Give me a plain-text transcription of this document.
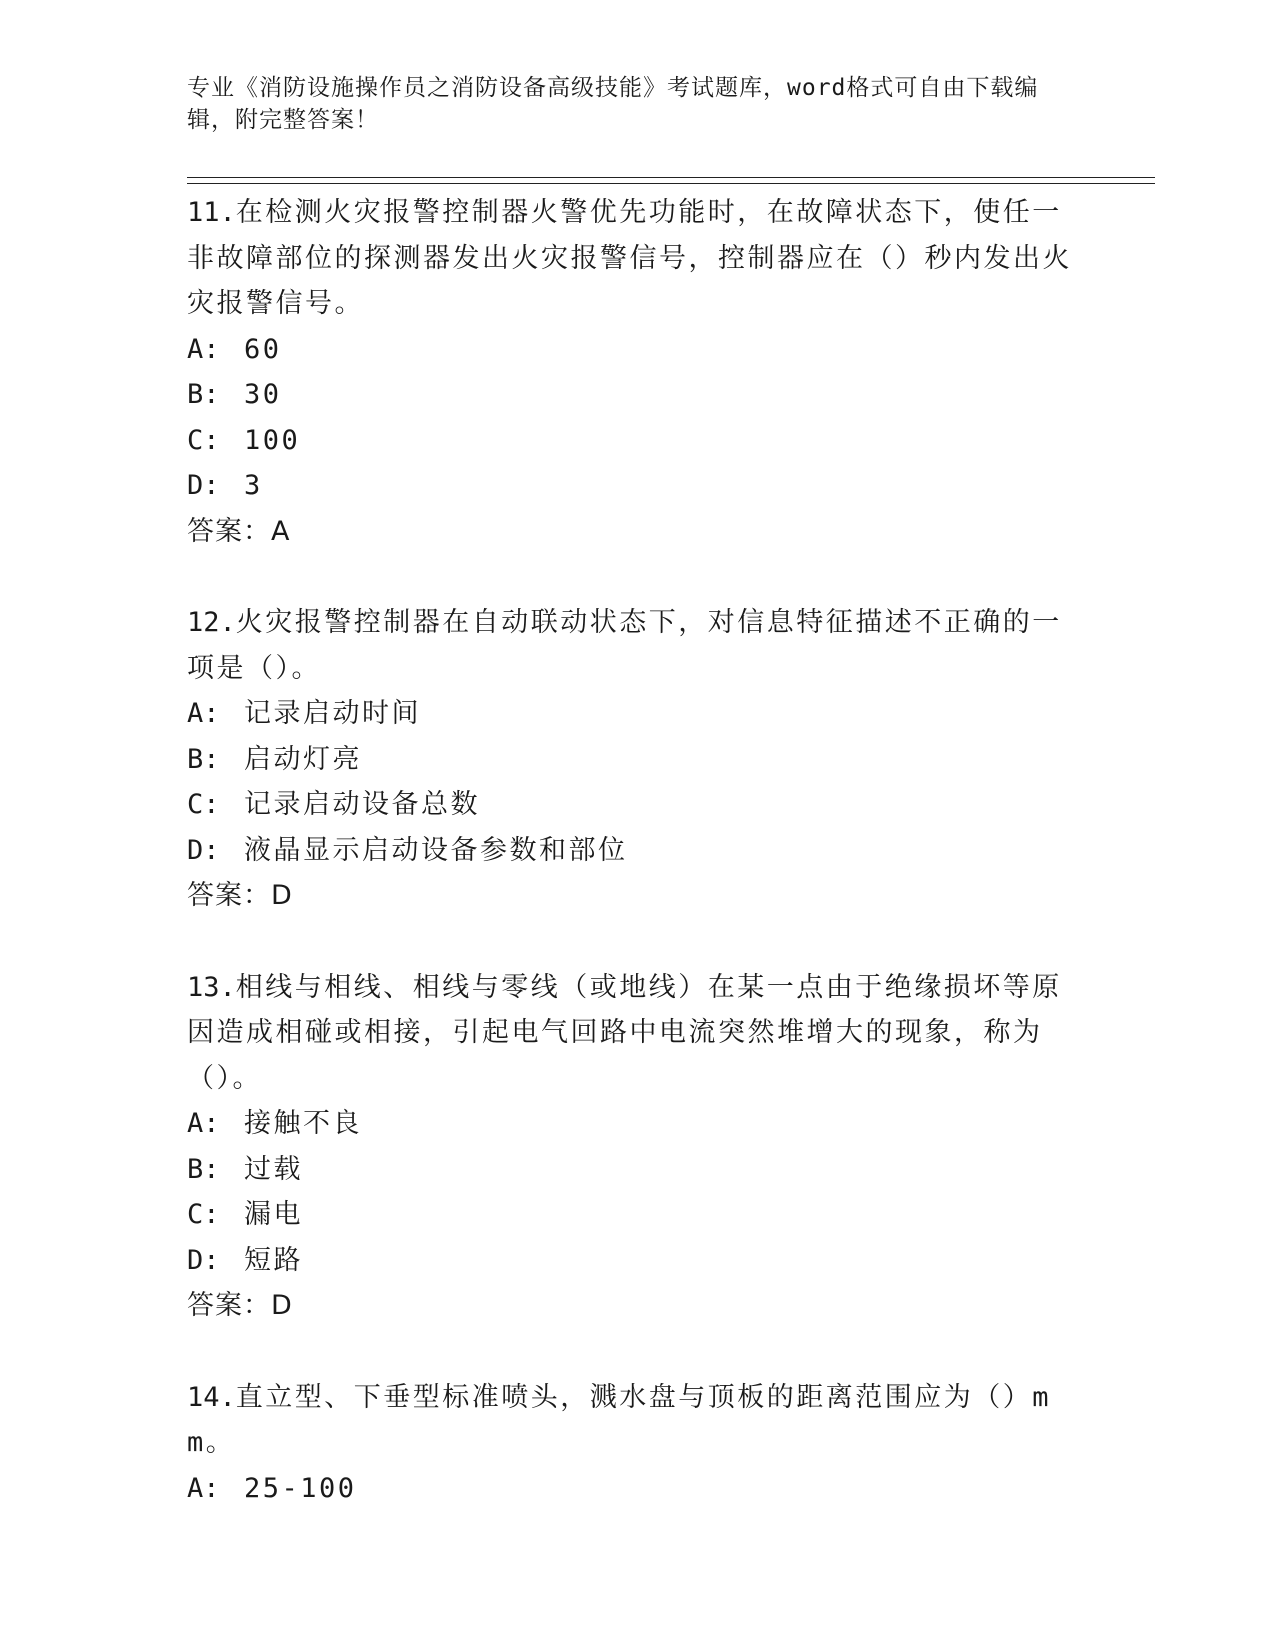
专业《消防设施操作员之消防设备高级技能》考试题库，word格式可自由下载编辑，附完整答案！
11.在检测火灾报警控制器火警优先功能时，在故障状态下，使任一非故障部位的探测器发出火灾报警信号，控制器应在（）秒内发出火灾报警信号。
A: 60
B: 30
C: 100
D: 3
答案：A
12.火灾报警控制器在自动联动状态下，对信息特征描述不正确的一项是（）。
A: 记录启动时间
B: 启动灯亮
C: 记录启动设备总数
D: 液晶显示启动设备参数和部位
答案：D
13.相线与相线、相线与零线（或地线）在某一点由于绝缘损坏等原因造成相碰或相接，引起电气回路中电流突然堆增大的现象，称为（）。
A: 接触不良
B: 过载
C: 漏电
D: 短路
答案：D
14.直立型、下垂型标准喷头，溅水盘与顶板的距离范围应为（）mm。
A: 25-100
